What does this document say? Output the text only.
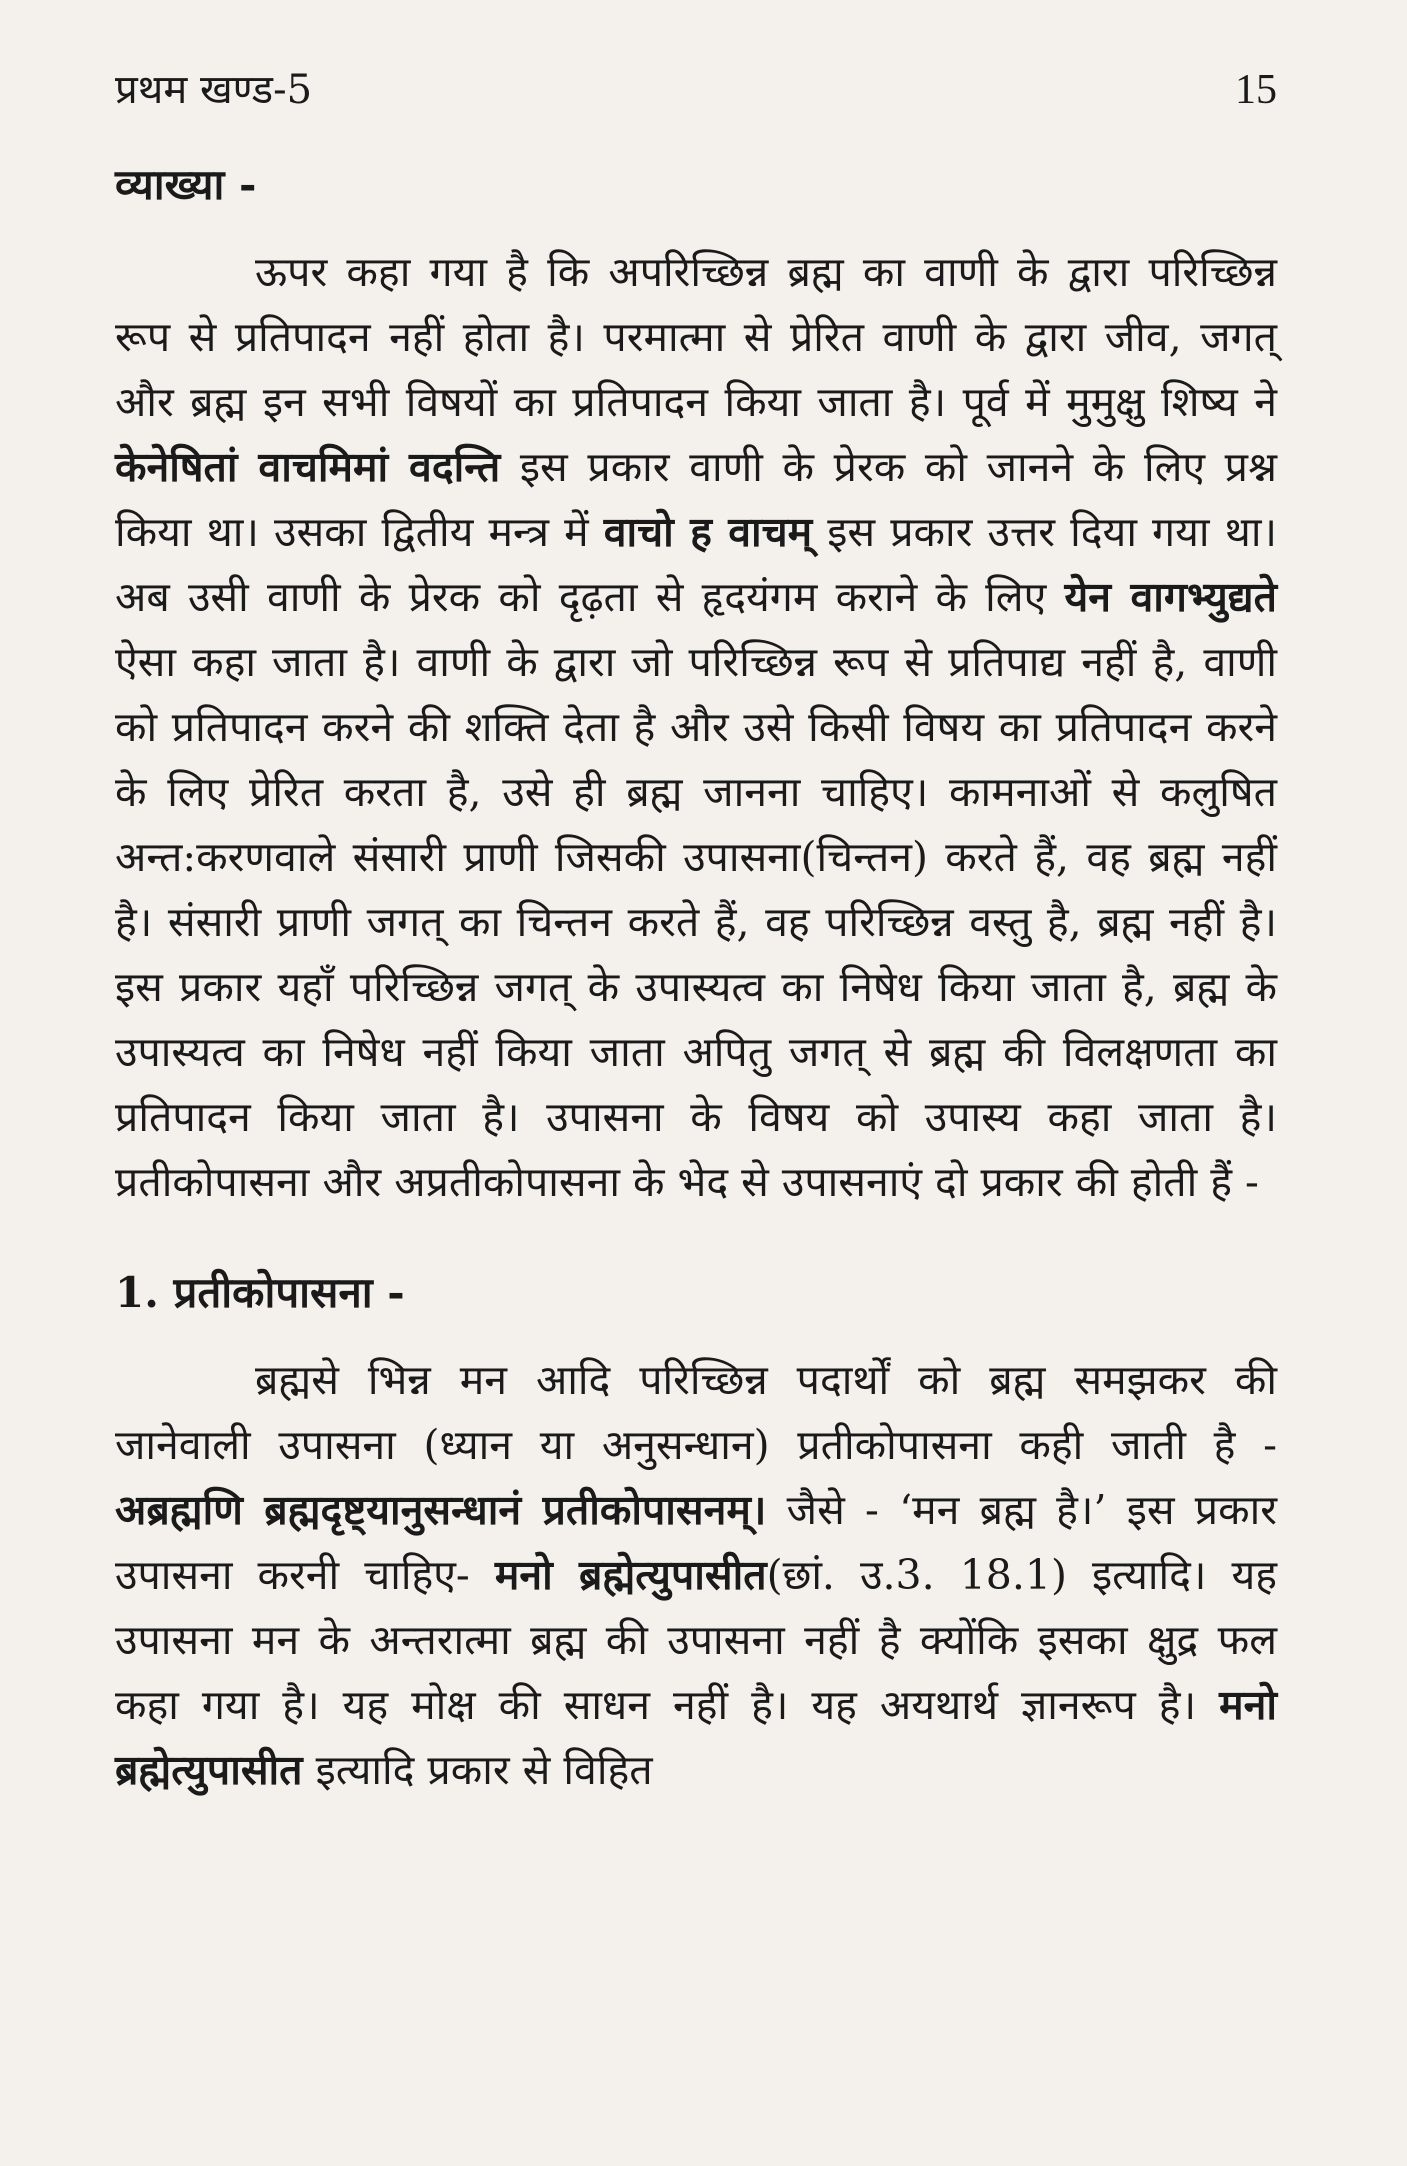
प्रथम खण्ड-5	15
व्याख्या -

ऊपर कहा गया है कि अपरिच्छिन्न ब्रह्म का वाणी के द्वारा परिच्छिन्न रूप से प्रतिपादन नहीं होता है। परमात्मा से प्रेरित वाणी के द्वारा जीव, जगत् और ब्रह्म इन सभी विषयों का प्रतिपादन किया जाता है। पूर्व में मुमुक्षु शिष्य ने केनेषितां वाचमिमां वदन्ति इस प्रकार वाणी के प्रेरक को जानने के लिए प्रश्न किया था। उसका द्वितीय मन्त्र में वाचो ह वाचम् इस प्रकार उत्तर दिया गया था। अब उसी वाणी के प्रेरक को दृढ़ता से हृदयंगम कराने के लिए येन वागभ्युद्यते ऐसा कहा जाता है। वाणी के द्वारा जो परिच्छिन्न रूप से प्रतिपाद्य नहीं है, वाणी को प्रतिपादन करने की शक्ति देता है और उसे किसी विषय का प्रतिपादन करने के लिए प्रेरित करता है, उसे ही ब्रह्म जानना चाहिए। कामनाओं से कलुषित अन्त:करणवाले संसारी प्राणी जिसकी उपासना(चिन्तन) करते हैं, वह ब्रह्म नहीं है। संसारी प्राणी जगत् का चिन्तन करते हैं, वह परिच्छिन्न वस्तु है, ब्रह्म नहीं है। इस प्रकार यहाँ परिच्छिन्न जगत् के उपास्यत्व का निषेध किया जाता है, ब्रह्म के उपास्यत्व का निषेध नहीं किया जाता अपितु जगत् से ब्रह्म की विलक्षणता का प्रतिपादन किया जाता है। उपासना के विषय को उपास्य कहा जाता है। प्रतीकोपासना और अप्रतीकोपासना के भेद से उपासनाएं दो प्रकार की होती हैं -

1. प्रतीकोपासना -

ब्रह्मसे भिन्न मन आदि परिच्छिन्न पदार्थों को ब्रह्म समझकर की जानेवाली उपासना (ध्यान या अनुसन्धान) प्रतीकोपासना कही जाती है - अब्रह्मणि ब्रह्मदृष्ट्यानुसन्धानं प्रतीकोपासनम्। जैसे - ‘मन ब्रह्म है।’ इस प्रकार उपासना करनी चाहिए- मनो ब्रह्मेत्युपासीत(छां. उ.3. 18.1) इत्यादि। यह उपासना मन के अन्तरात्मा ब्रह्म की उपासना नहीं है क्योंकि इसका क्षुद्र फल कहा गया है। यह मोक्ष की साधन नहीं है। यह अयथार्थ ज्ञानरूप है। मनो ब्रह्मेत्युपासीत इत्यादि प्रकार से विहित
